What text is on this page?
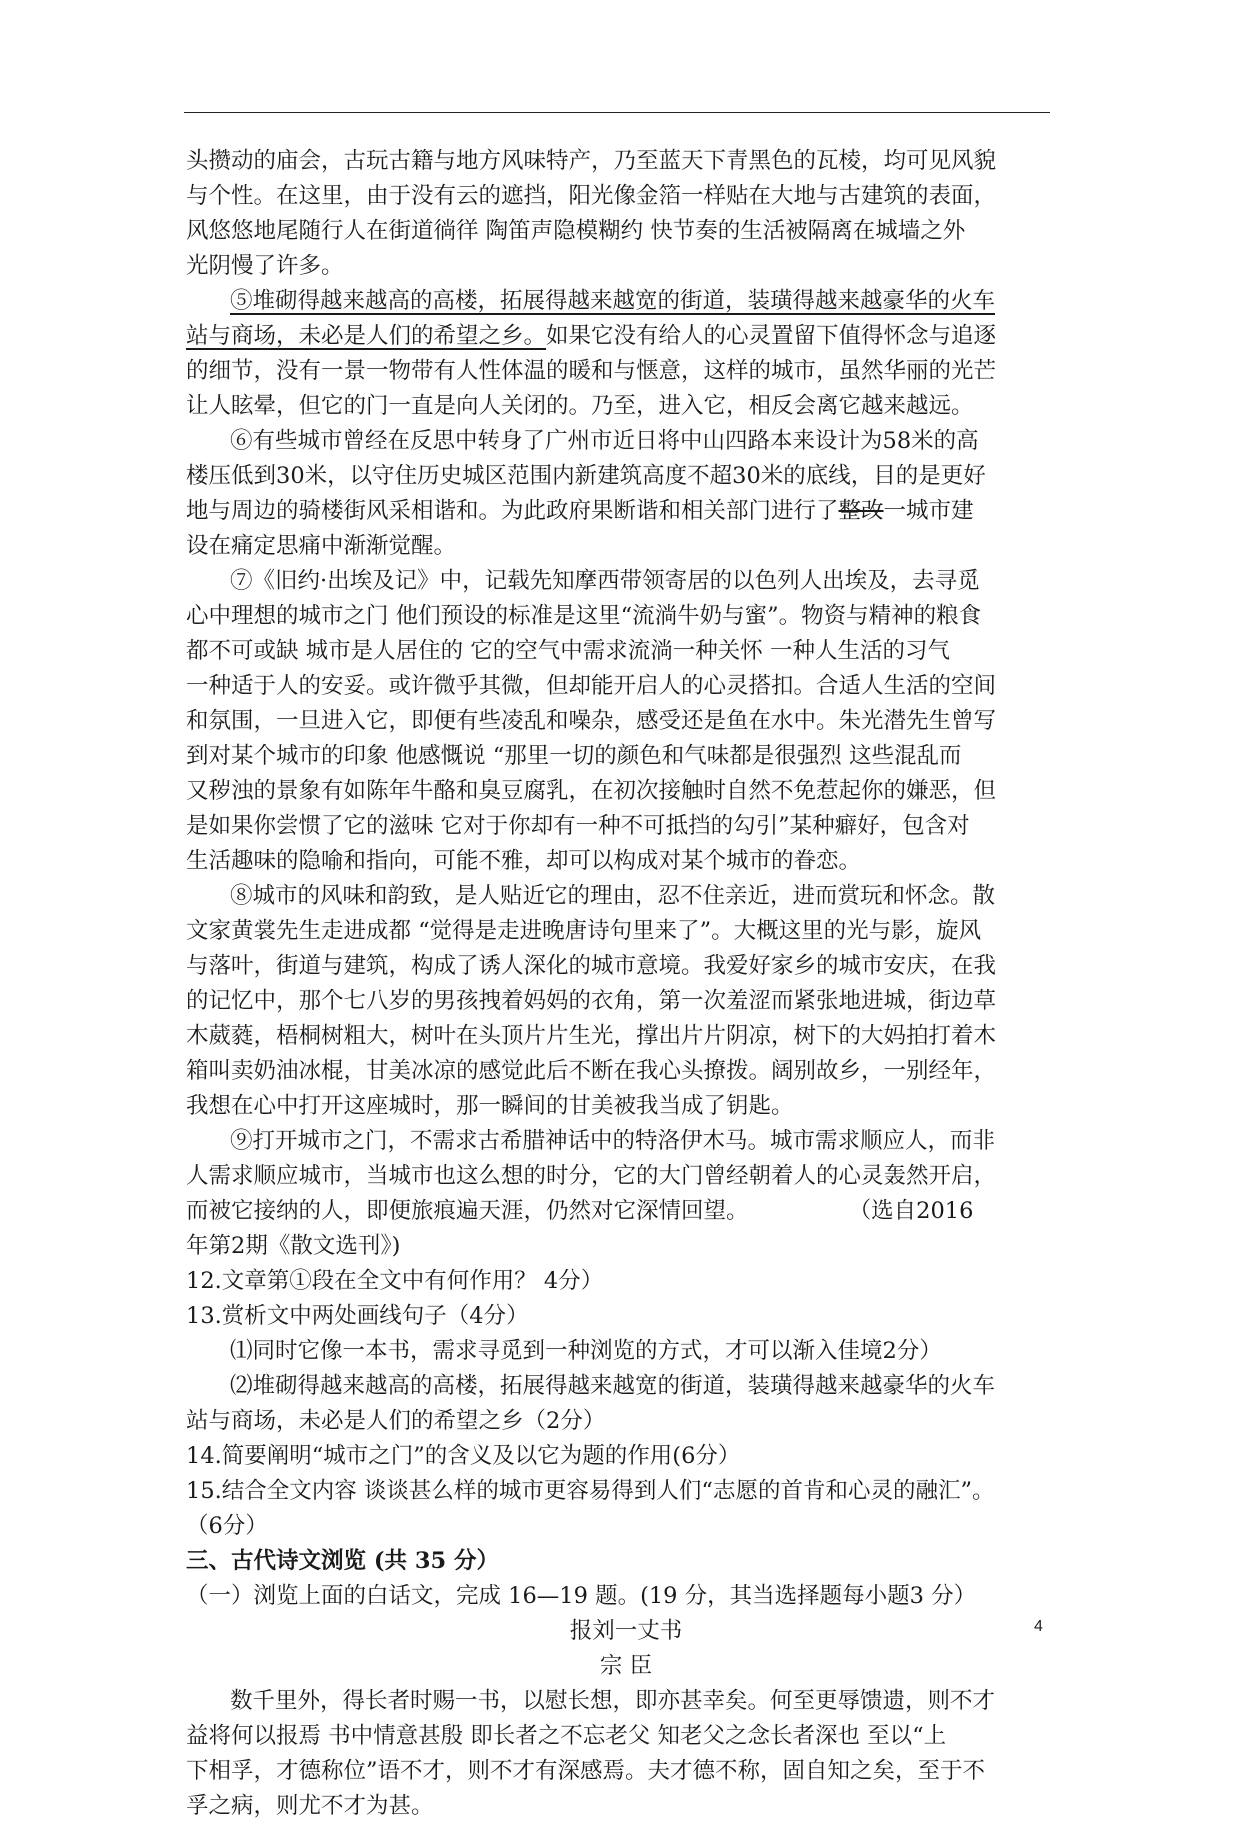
头攒动的庙会，古玩古籍与地方风味特产，乃至蓝天下青黑色的瓦棱，均可见风貌
与个性。在这里，由于没有云的遮挡，阳光像金箔一样贴在大地与古建筑的表面，
风悠悠地尾随行人在街道徜徉 陶笛声隐模糊约 快节奏的生活被隔离在城墙之外
光阴慢了许多。
⑤堆砌得越来越高的高楼，拓展得越来越宽的街道，装璜得越来越豪华的火车
站与商场，未必是人们的希望之乡。如果它没有给人的心灵置留下值得怀念与追逐
的细节，没有一景一物带有人性体温的暖和与惬意，这样的城市，虽然华丽的光芒
让人眩晕，但它的门一直是向人关闭的。乃至，进入它，相反会离它越来越远。
⑥有些城市曾经在反思中转身了广州市近日将中山四路本来设计为58米的高
楼压低到30米，以守住历史城区范围内新建筑高度不超30米的底线，目的是更好
地与周边的骑楼街风采相谐和。为此政府果断谐和相关部门进行了整改一城市建
设在痛定思痛中渐渐觉醒。
⑦《旧约·出埃及记》中，记载先知摩西带领寄居的以色列人出埃及，去寻觅
心中理想的城市之门 他们预设的标准是这里“流淌牛奶与蜜”。物资与精神的粮食
都不可或缺 城市是人居住的 它的空气中需求流淌一种关怀 一种人生活的习气
一种适于人的安妥。或许微乎其微，但却能开启人的心灵搭扣。合适人生活的空间
和氛围，一旦进入它，即便有些凌乱和噪杂，感受还是鱼在水中。朱光潜先生曾写
到对某个城市的印象 他感慨说 “那里一切的颜色和气味都是很强烈 这些混乱而
又秽浊的景象有如陈年牛酪和臭豆腐乳，在初次接触时自然不免惹起你的嫌恶，但
是如果你尝惯了它的滋味 它对于你却有一种不可抵挡的勾引”某种癖好，包含对
生活趣味的隐喻和指向，可能不雅，却可以构成对某个城市的眷恋。
⑧城市的风味和韵致，是人贴近它的理由，忍不住亲近，进而赏玩和怀念。散
文家黄裳先生走进成都 “觉得是走进晚唐诗句里来了”。大概这里的光与影，旋风
与落叶，街道与建筑，构成了诱人深化的城市意境。我爱好家乡的城市安庆，在我
的记忆中，那个七八岁的男孩拽着妈妈的衣角，第一次羞涩而紧张地进城，街边草
木葳蕤，梧桐树粗大，树叶在头顶片片生光，撑出片片阴凉，树下的大妈拍打着木
箱叫卖奶油冰棍，甘美冰凉的感觉此后不断在我心头撩拨。阔别故乡，一别经年，
我想在心中打开这座城时，那一瞬间的甘美被我当成了钥匙。
⑨打开城市之门，不需求古希腊神话中的特洛伊木马。城市需求顺应人，而非
人需求顺应城市，当城市也这么想的时分，它的大门曾经朝着人的心灵轰然开启，
而被它接纳的人，即便旅痕遍天涯，仍然对它深情回望。              （选自2016
年第2期《散文选刊》)
12.文章第①段在全文中有何作用？ 4分）
13.赏析文中两处画线句子（4分）
⑴同时它像一本书，需求寻觅到一种浏览的方式，才可以渐入佳境2分）
⑵堆砌得越来越高的高楼，拓展得越来越宽的街道，装璜得越来越豪华的火车
站与商场，未必是人们的希望之乡（2分）
14.简要阐明“城市之门”的含义及以它为题的作用(6分）
15.结合全文内容 谈谈甚么样的城市更容易得到人们“志愿的首肯和心灵的融汇”。
（6分）
三、古代诗文浏览 (共 35 分）
（一）浏览上面的白话文，完成 16—19 题。(19 分，其当选择题每小题3 分）
报刘一丈书
宗 臣
数千里外，得长者时赐一书，以慰长想，即亦甚幸矣。何至更辱馈遗，则不才
益将何以报焉 书中情意甚殷 即长者之不忘老父 知老父之念长者深也 至以“上
下相孚，才德称位”语不才，则不才有深感焉。夫才德不称，固自知之矣，至于不
孚之病，则尤不才为甚。
4
